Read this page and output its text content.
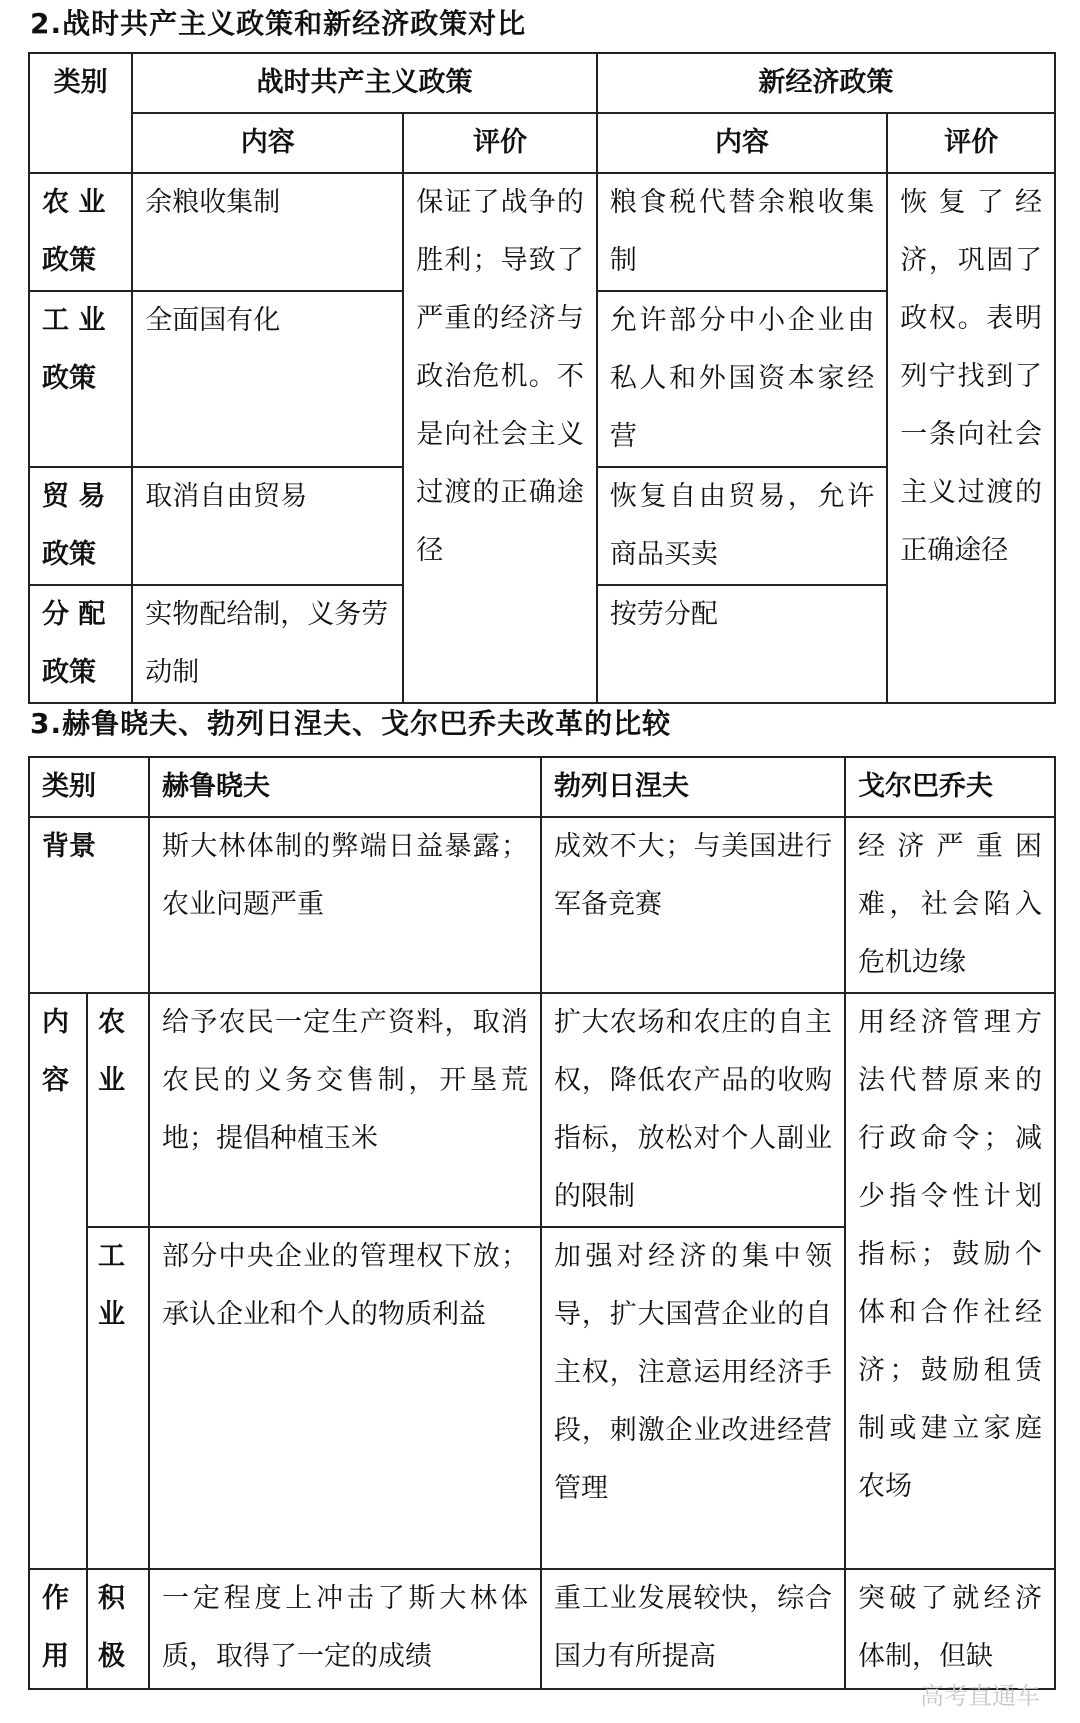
2.战时共产主义政策和新经济政策对比
类别	战时共产主义政策		新经济政策	
	内容	评价	内容	评价
农 业政策	余粮收集制	保证了战争的胜利；导致了严重的经济与政治危机。不是向社会主义过渡的正确途径	粮食税代替余粮收集制	恢复了经济，巩固了政权。表明列宁找到了一条向社会主义过渡的正确途径
工 业政策	全面国有化		允许部分中小企业由私人和外国资本家经营	
贸 易政策	取消自由贸易		恢复自由贸易，允许商品买卖	
分 配政策	实物配给制，义务劳动制		按劳分配	
3.赫鲁晓夫、勃列日涅夫、戈尔巴乔夫改革的比较
类别		赫鲁晓夫	勃列日涅夫	戈尔巴乔夫
背景		斯大林体制的弊端日益暴露；农业问题严重	成效不大；与美国进行军备竞赛	经济严重困难，社会陷入危机边缘
内容	农业	给予农民一定生产资料，取消农民的义务交售制，开垦荒地；提倡种植玉米	扩大农场和农庄的自主权，降低农产品的收购指标，放松对个人副业的限制	用经济管理方法代替原来的行政命令；减少指令性计划指标；鼓励个体和合作社经济；鼓励租赁制或建立家庭农场
	工业	部分中央企业的管理权下放；承认企业和个人的物质利益	加强对经济的集中领导，扩大国营企业的自主权，注意运用经济手段，刺激企业改进经营管理	
作用	积极	一定程度上冲击了斯大林体质，取得了一定的成绩	重工业发展较快，综合国力有所提高	突破了就经济体制，但缺
高考直通车
